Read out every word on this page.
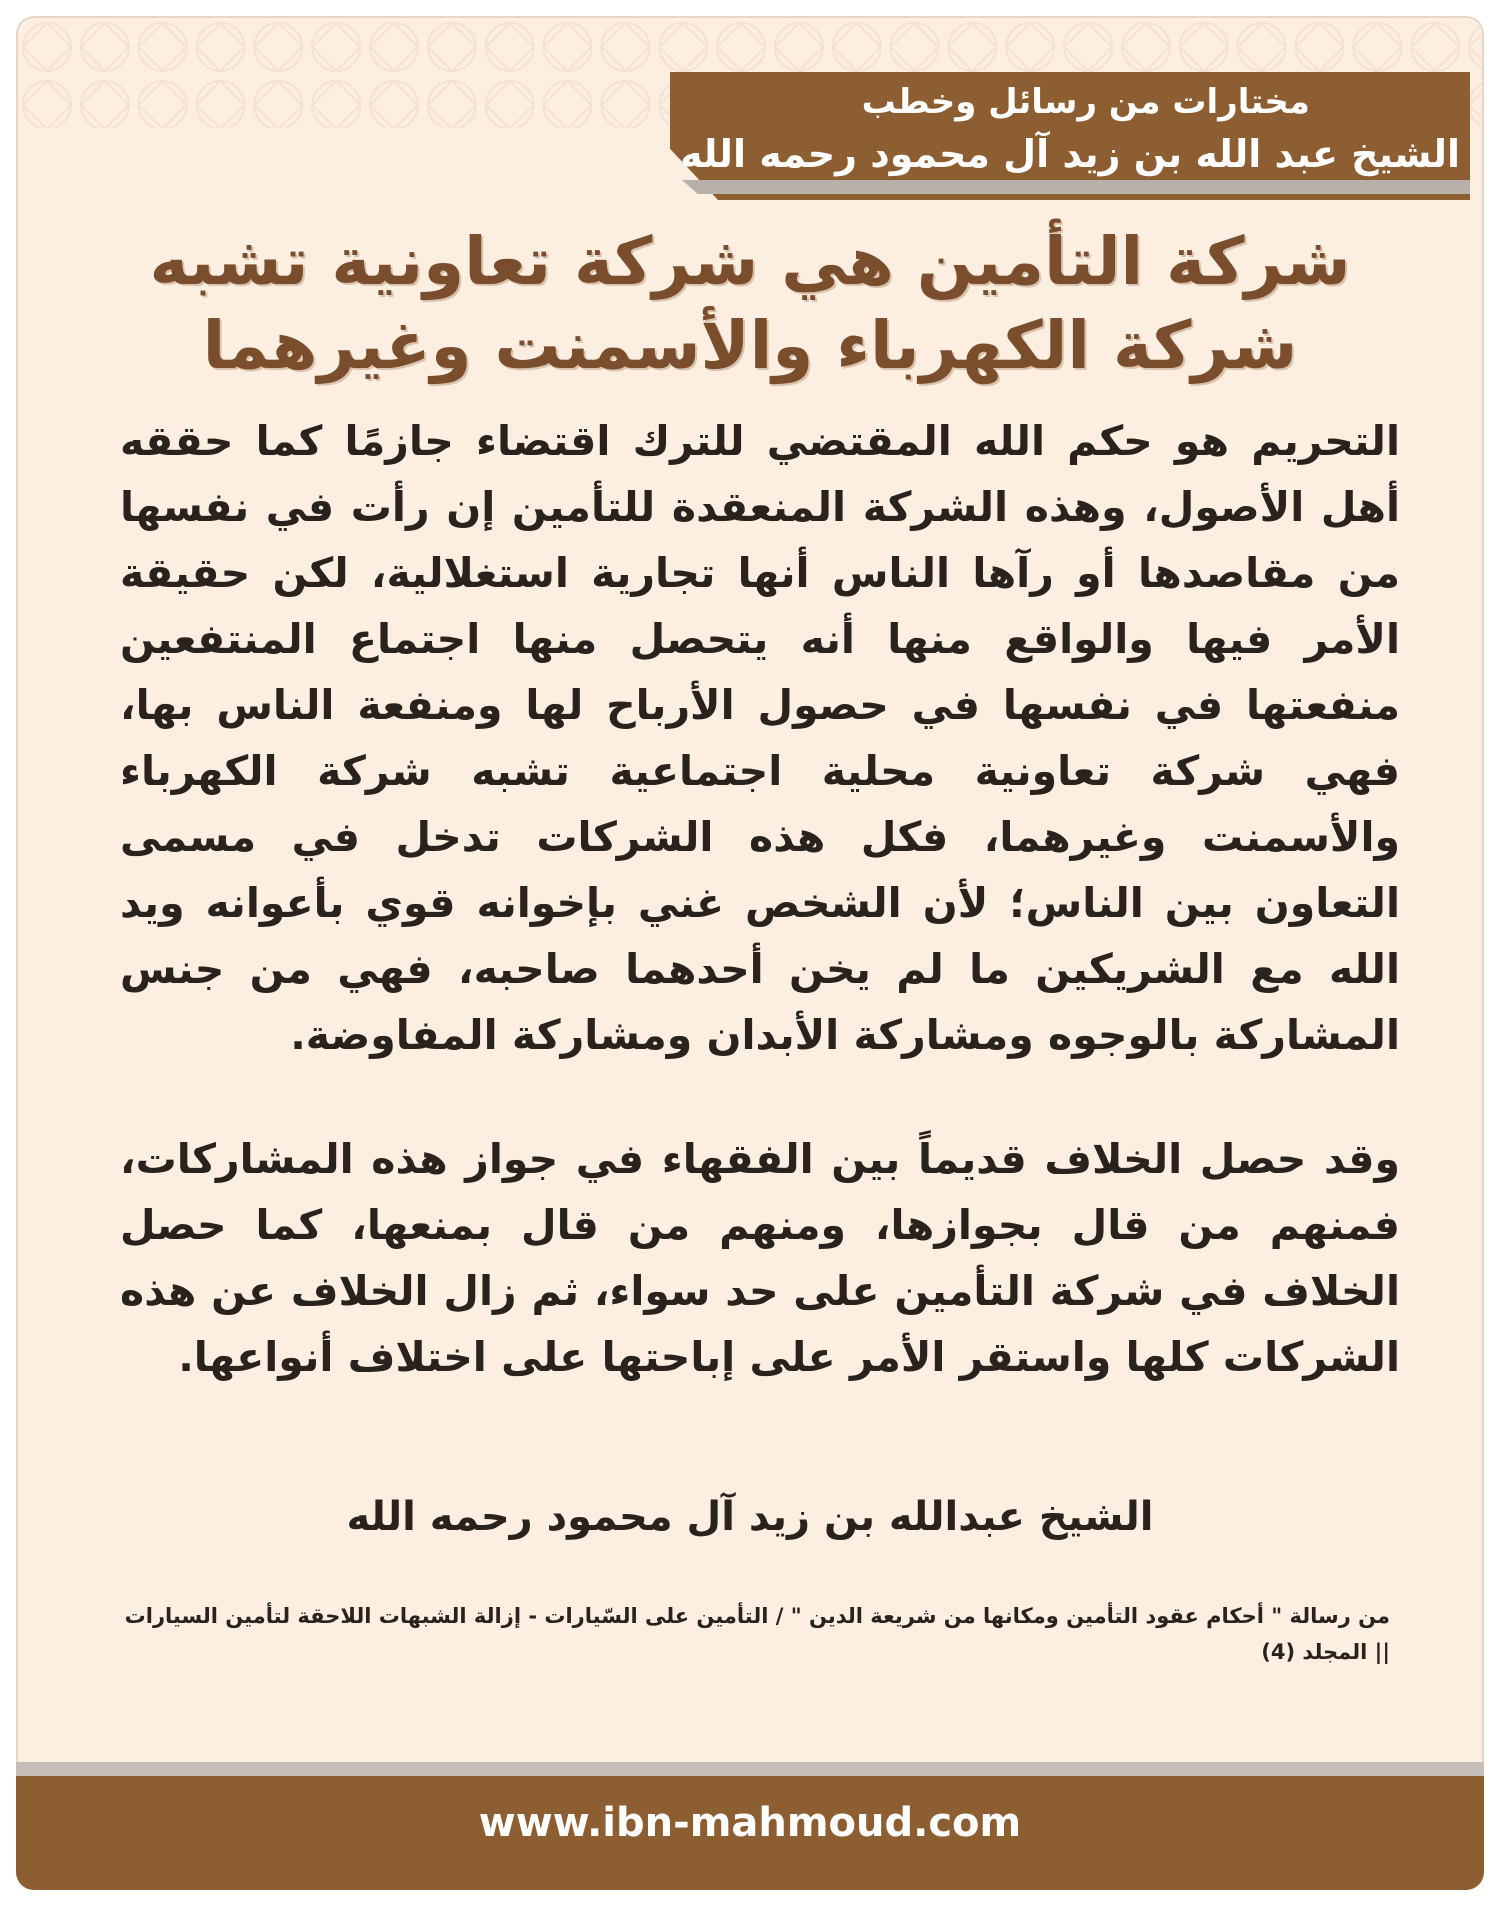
مختارات من رسائل وخطب
الشيخ عبد الله بن زيد آل محمود رحمه الله
شركة التأمين هي شركة تعاونية تشبه
شركة الكهرباء والأسمنت وغيرهما

التحريم هو حكم الله المقتضي للترك اقتضاء جازمًا كما حققه أهل الأصول، وهذه الشركة المنعقدة للتأمين إن رأت في نفسها من مقاصدها أو رآها الناس أنها تجارية استغلالية، لكن حقيقة الأمر فيها والواقع منها أنه يتحصل منها اجتماع المنتفعين منفعتها في نفسها في حصول الأرباح لها ومنفعة الناس بها، فهي شركة تعاونية محلية اجتماعية تشبه شركة الكهرباء والأسمنت وغيرهما، فكل هذه الشركات تدخل في مسمى التعاون بين الناس؛ لأن الشخص غني بإخوانه قوي بأعوانه ويد الله مع الشريكين ما لم يخن أحدهما صاحبه، فهي من جنس المشاركة بالوجوه ومشاركة الأبدان ومشاركة المفاوضة.

وقد حصل الخلاف قديماً بين الفقهاء في جواز هذه المشاركات، فمنهم من قال بجوازها، ومنهم من قال بمنعها، كما حصل الخلاف في شركة التأمين على حد سواء، ثم زال الخلاف عن هذه الشركات كلها واستقر الأمر على إباحتها على اختلاف أنواعها.

الشيخ عبدالله بن زيد آل محمود رحمه الله
من رسالة " أحكام عقود التأمين ومكانها من شريعة الدين " / التأمين على السّيارات - إزالة الشبهات اللاحقة لتأمين السيارات
|| المجلد (4)
www.ibn-mahmoud.com
